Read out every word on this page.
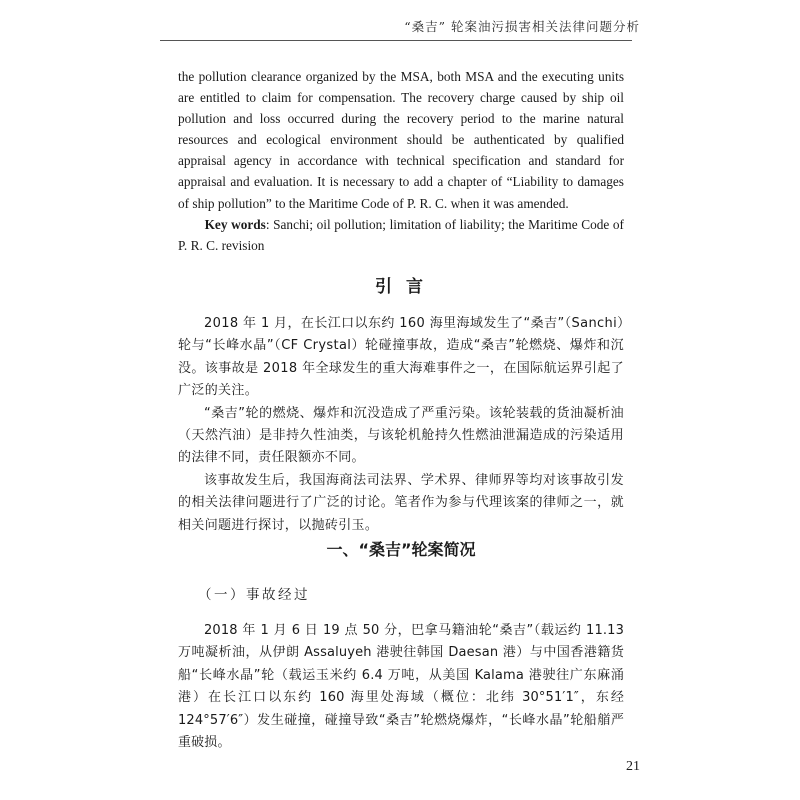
“桑吉” 轮案油污损害相关法律问题分析

the pollution clearance organized by the MSA, both MSA and the executing units are entitled to claim for compensation. The recovery charge caused by ship oil pollution and loss occurred during the recovery period to the marine natural resources and ecological environment should be authenticated by qualified appraisal agency in accordance with technical specification and standard for appraisal and evaluation. It is necessary to add a chapter of “Liability to damages of ship pollution” to the Maritime Code of P. R. C. when it was amended.

Key words: Sanchi; oil pollution; limitation of liability; the Maritime Code of P. R. C. revision

引 言

2018 年 1 月，在长江口以东约 160 海里海域发生了“桑吉”（Sanchi）轮与“长峰水晶”（CF Crystal）轮碰撞事故，造成“桑吉”轮燃烧、爆炸和沉没。该事故是 2018 年全球发生的重大海难事件之一，在国际航运界引起了广泛的关注。

“桑吉”轮的燃烧、爆炸和沉没造成了严重污染。该轮装载的货油凝析油（天然汽油）是非持久性油类，与该轮机舱持久性燃油泄漏造成的污染适用的法律不同，责任限额亦不同。

该事故发生后，我国海商法司法界、学术界、律师界等均对该事故引发的相关法律问题进行了广泛的讨论。笔者作为参与代理该案的律师之一，就相关问题进行探讨，以抛砖引玉。

一、“桑吉”轮案简况
（一）事故经过

2018 年 1 月 6 日 19 点 50 分，巴拿马籍油轮“桑吉”（载运约 11.13 万吨凝析油，从伊朗 Assaluyeh 港驶往韩国 Daesan 港）与中国香港籍货船“长峰水晶”轮（载运玉米约 6.4 万吨，从美国 Kalama 港驶往广东麻涌港）在长江口以东约 160 海里处海域（概位：北纬 30°51′1″，东经 124°57′6″）发生碰撞，碰撞导致“桑吉”轮燃烧爆炸，“长峰水晶”轮船艏严重破损。

21
